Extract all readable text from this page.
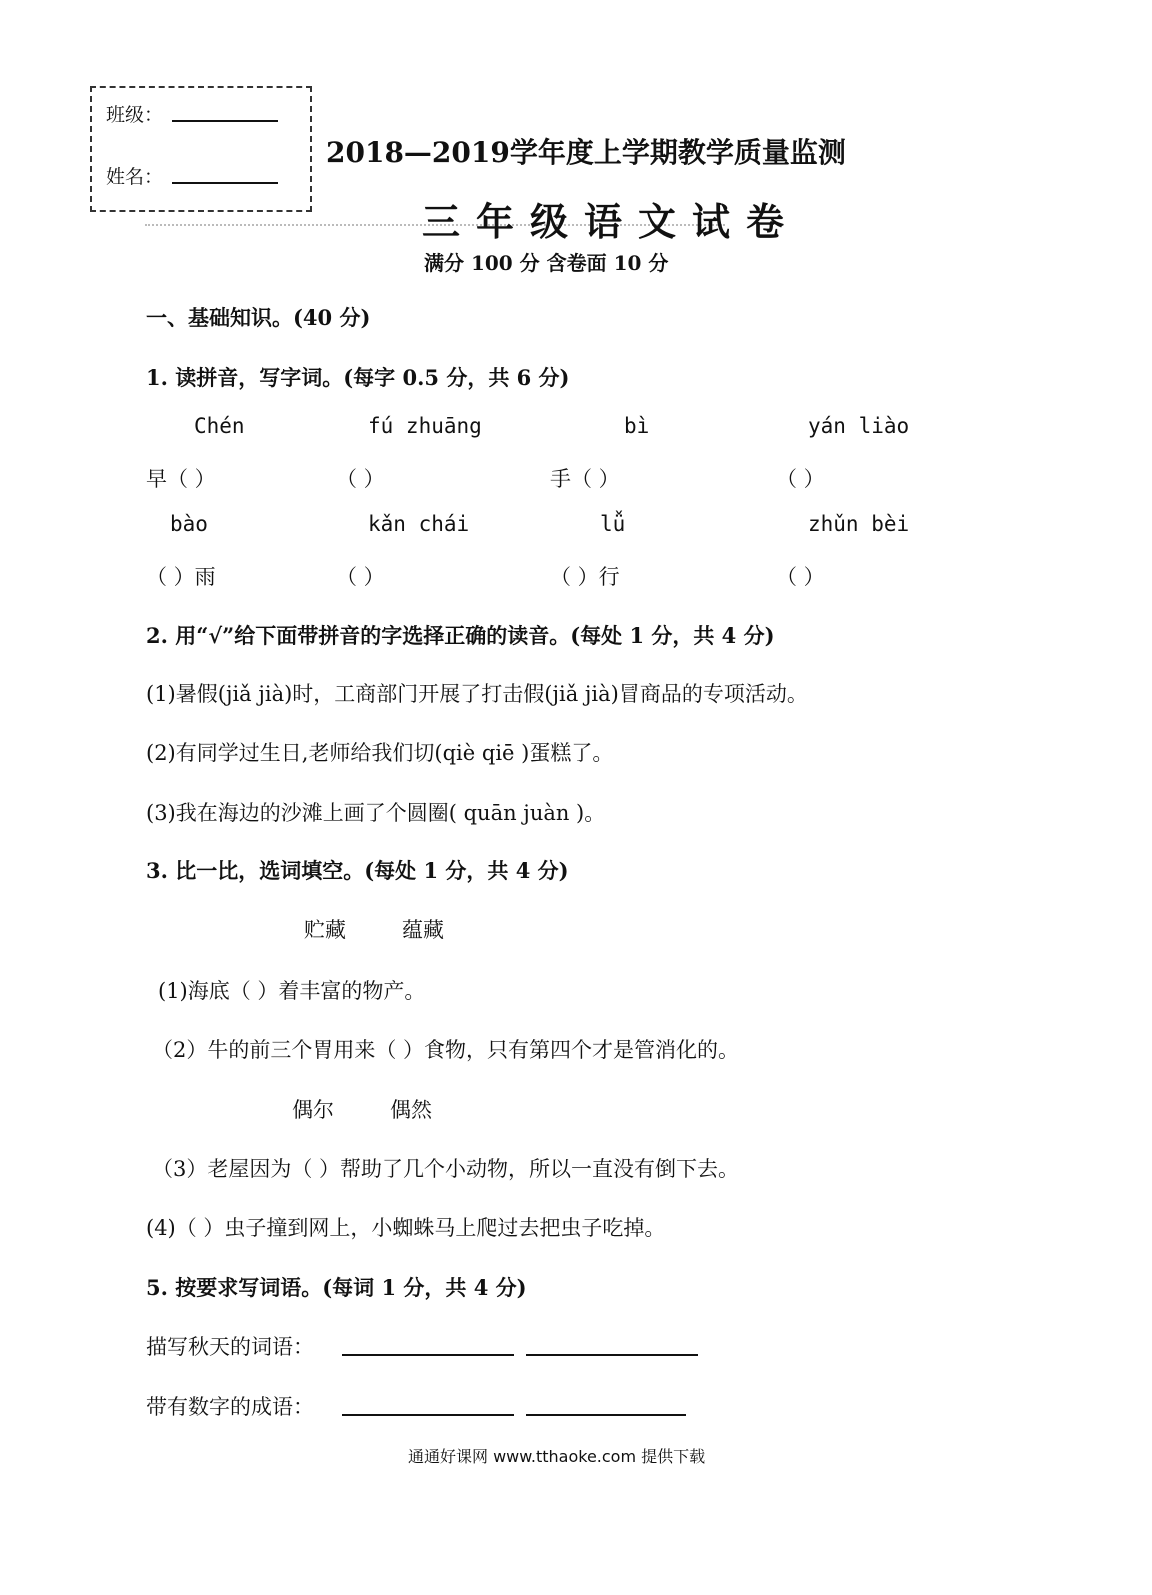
班级：
姓名：
2018—2019学年度上学期教学质量监测
三年级语文试卷
满分 100 分 含卷面 10 分
一、基础知识。(40 分)
1. 读拼音，写字词。(每字 0.5 分，共 6 分)
Chén	fú zhuāng	bì	yán liào
早（ ）	（ ）	手（ ）	（ ）
bào	kǎn chái	lǚ	zhǔn bèi
（ ）雨	（ ）	（ ）行	（ ）
2. 用“√”给下面带拼音的字选择正确的读音。(每处 1 分，共 4 分)
(1)暑假(jiǎ jià)时，工商部门开展了打击假(jiǎ jià)冒商品的专项活动。
(2)有同学过生日,老师给我们切(qiè qiē )蛋糕了。
(3)我在海边的沙滩上画了个圆圈( quān juàn )。
3. 比一比，选词填空。(每处 1 分，共 4 分)
贮藏	蕴藏
(1)海底（ ）着丰富的物产。
（2）牛的前三个胃用来（ ）食物，只有第四个才是管消化的。
偶尔	偶然
（3）老屋因为（ ）帮助了几个小动物，所以一直没有倒下去。
(4)（ ）虫子撞到网上，小蜘蛛马上爬过去把虫子吃掉。
5. 按要求写词语。(每词 1 分，共 4 分)
描写秋天的词语：
带有数字的成语：
通通好课网 www.tthaoke.com 提供下载
